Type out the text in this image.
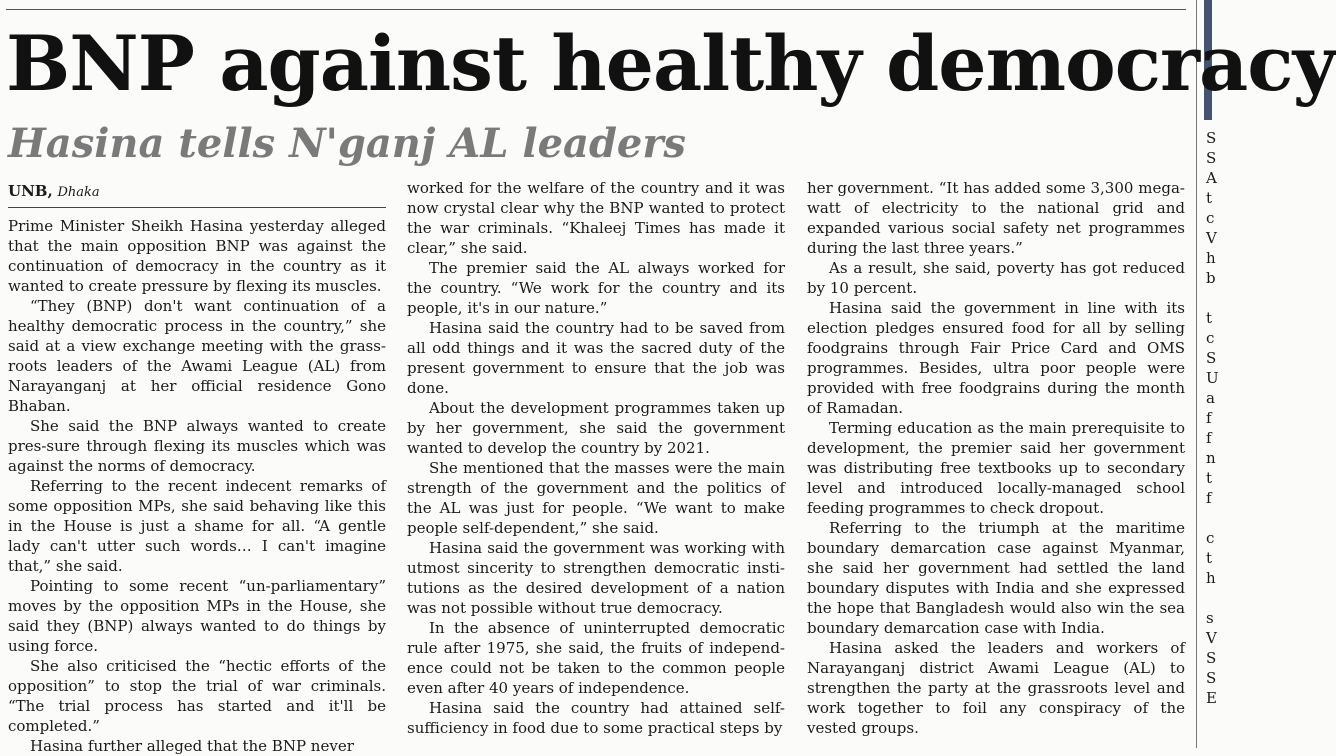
BNP against healthy democracy
Hasina tells N'ganj AL leaders
UNB, Dhaka

Prime Minister Sheikh Hasina yesterday alleged that the main opposition BNP was against the continuation of democracy in the country as it wanted to create pressure by flexing its muscles.

“They (BNP) don't want continuation of a healthy democratic process in the country,” she said at a view exchange meeting with the grass-roots leaders of the Awami League (AL) from Narayanganj at her official residence Gono Bhaban.

She said the BNP always wanted to create pres-sure through flexing its muscles which was against the norms of democracy.

Referring to the recent indecent remarks of some opposition MPs, she said behaving like this in the House is just a shame for all. “A gentle lady can't utter such words… I can't imagine that,” she said.

Pointing to some recent “un-parliamentary” moves by the opposition MPs in the House, she said they (BNP) always wanted to do things by using force.

She also criticised the “hectic efforts of the opposition” to stop the trial of war criminals. “The trial process has started and it'll be completed.”

Hasina further alleged that the BNP never

worked for the welfare of the country and it was now crystal clear why the BNP wanted to protect the war criminals. “Khaleej Times has made it clear,” she said.

The premier said the AL always worked for the country. “We work for the country and its people, it's in our nature.”

Hasina said the country had to be saved from all odd things and it was the sacred duty of the present government to ensure that the job was done.

About the development programmes taken up by her government, she said the government wanted to develop the country by 2021.

She mentioned that the masses were the main strength of the government and the politics of the AL was just for people. “We want to make people self-dependent,” she said.

Hasina said the government was working with utmost sincerity to strengthen democratic insti-tutions as the desired development of a nation was not possible without true democracy.

In the absence of uninterrupted democratic rule after 1975, she said, the fruits of independ-ence could not be taken to the common people even after 40 years of independence.

Hasina said the country had attained self-sufficiency in food due to some practical steps by

her government. “It has added some 3,300 mega-watt of electricity to the national grid and expanded various social safety net programmes during the last three years.”

As a result, she said, poverty has got reduced by 10 percent.

Hasina said the government in line with its election pledges ensured food for all by selling foodgrains through Fair Price Card and OMS programmes. Besides, ultra poor people were provided with free foodgrains during the month of Ramadan.

Terming education as the main prerequisite to development, the premier said her government was distributing free textbooks up to secondary level and introduced locally-managed school feeding programmes to check dropout.

Referring to the triumph at the maritime boundary demarcation case against Myanmar, she said her government had settled the land boundary disputes with India and she expressed the hope that Bangladesh would also win the sea boundary demarcation case with India.

Hasina asked the leaders and workers of Narayanganj district Awami League (AL) to strengthen the party at the grassroots level and work together to foil any conspiracy of the vested groups.

S
S
A
t
c
V
h
b
t
c
S
U
a
f
f
n
t
f
c
t
h
s
V
S
S
E
